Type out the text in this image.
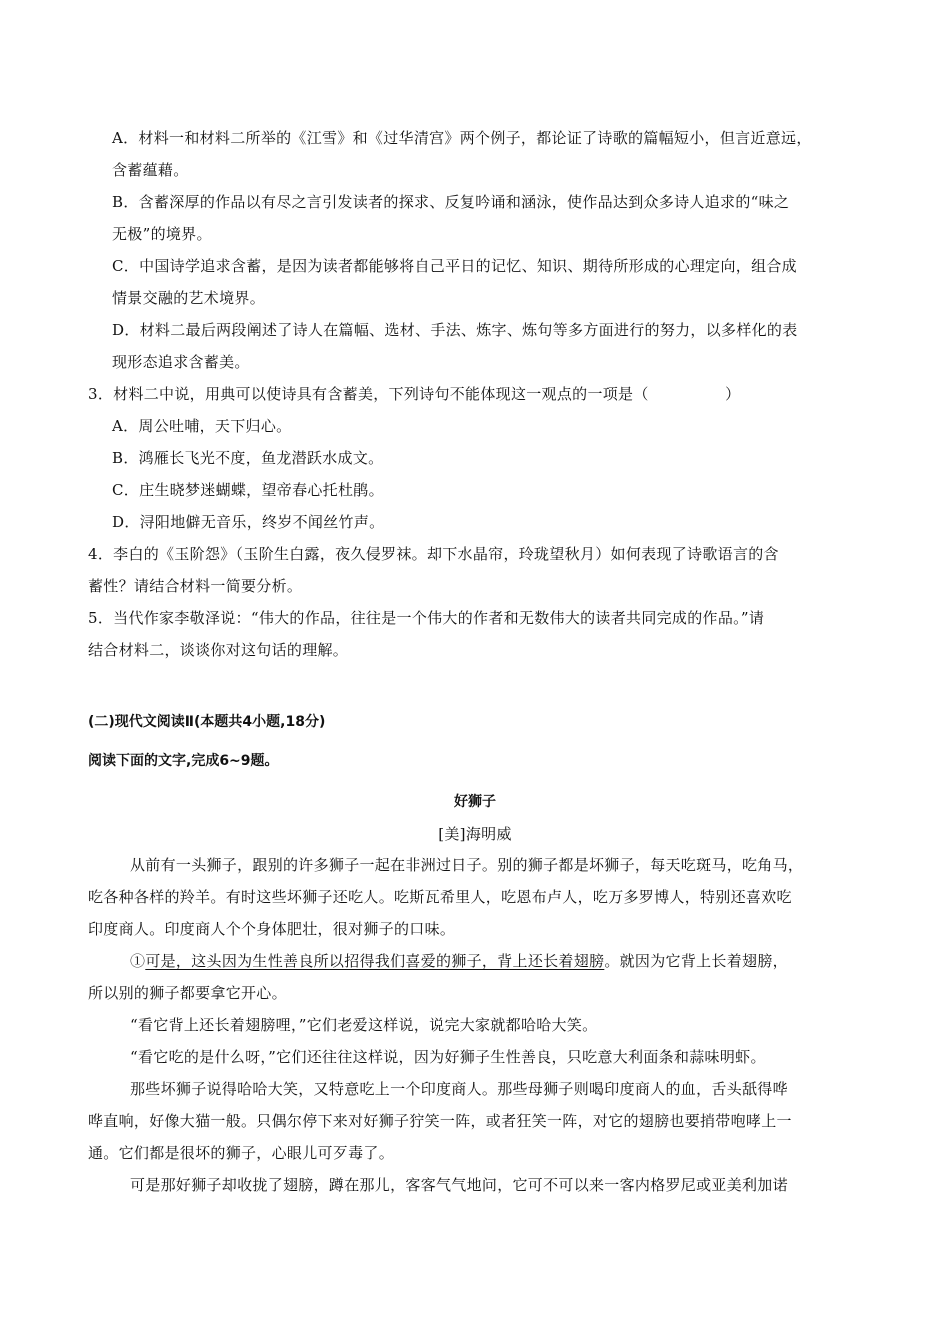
A．材料一和材料二所举的《江雪》和《过华清宫》两个例子，都论证了诗歌的篇幅短小，但言近意远，
含蓄蕴藉。
B．含蓄深厚的作品以有尽之言引发读者的探求、反复吟诵和涵泳，使作品达到众多诗人追求的“味之
无极”的境界。
C．中国诗学追求含蓄，是因为读者都能够将自己平日的记忆、知识、期待所形成的心理定向，组合成
情景交融的艺术境界。
D．材料二最后两段阐述了诗人在篇幅、选材、手法、炼字、炼句等多方面进行的努力，以多样化的表
现形态追求含蓄美。
3．材料二中说，用典可以使诗具有含蓄美，下列诗句不能体现这一观点的一项是（　　　　　）
A．周公吐哺，天下归心。
B．鸿雁长飞光不度，鱼龙潜跃水成文。
C．庄生晓梦迷蝴蝶，望帝春心托杜鹃。
D．浔阳地僻无音乐，终岁不闻丝竹声。
4．李白的《玉阶怨》（玉阶生白露，夜久侵罗袜。却下水晶帘，玲珑望秋月）如何表现了诗歌语言的含
蓄性？请结合材料一简要分析。
5．当代作家李敬泽说：“伟大的作品，往往是一个伟大的作者和无数伟大的读者共同完成的作品。”请
结合材料二，谈谈你对这句话的理解。
(二)现代文阅读Ⅱ(本题共4小题,18分)
阅读下面的文字,完成6~9题。
好狮子
[美]海明威
从前有一头狮子，跟别的许多狮子一起在非洲过日子。别的狮子都是坏狮子，每天吃斑马，吃角马，
吃各种各样的羚羊。有时这些坏狮子还吃人。吃斯瓦希里人，吃恩布卢人，吃万多罗博人，特别还喜欢吃
印度商人。印度商人个个身体肥壮，很对狮子的口味。
①可是，这头因为生性善良所以招得我们喜爱的狮子，背上还长着翅膀。就因为它背上长着翅膀，
所以别的狮子都要拿它开心。
“看它背上还长着翅膀哩，”它们老爱这样说，说完大家就都哈哈大笑。
“看它吃的是什么呀，”它们还往往这样说，因为好狮子生性善良，只吃意大利面条和蒜味明虾。
那些坏狮子说得哈哈大笑，又特意吃上一个印度商人。那些母狮子则喝印度商人的血，舌头舐得哗
哗直响，好像大猫一般。只偶尔停下来对好狮子狞笑一阵，或者狂笑一阵，对它的翅膀也要捎带咆哮上一
通。它们都是很坏的狮子，心眼儿可歹毒了。
可是那好狮子却收拢了翅膀，蹲在那儿，客客气气地问，它可不可以来一客内格罗尼或亚美利加诺
